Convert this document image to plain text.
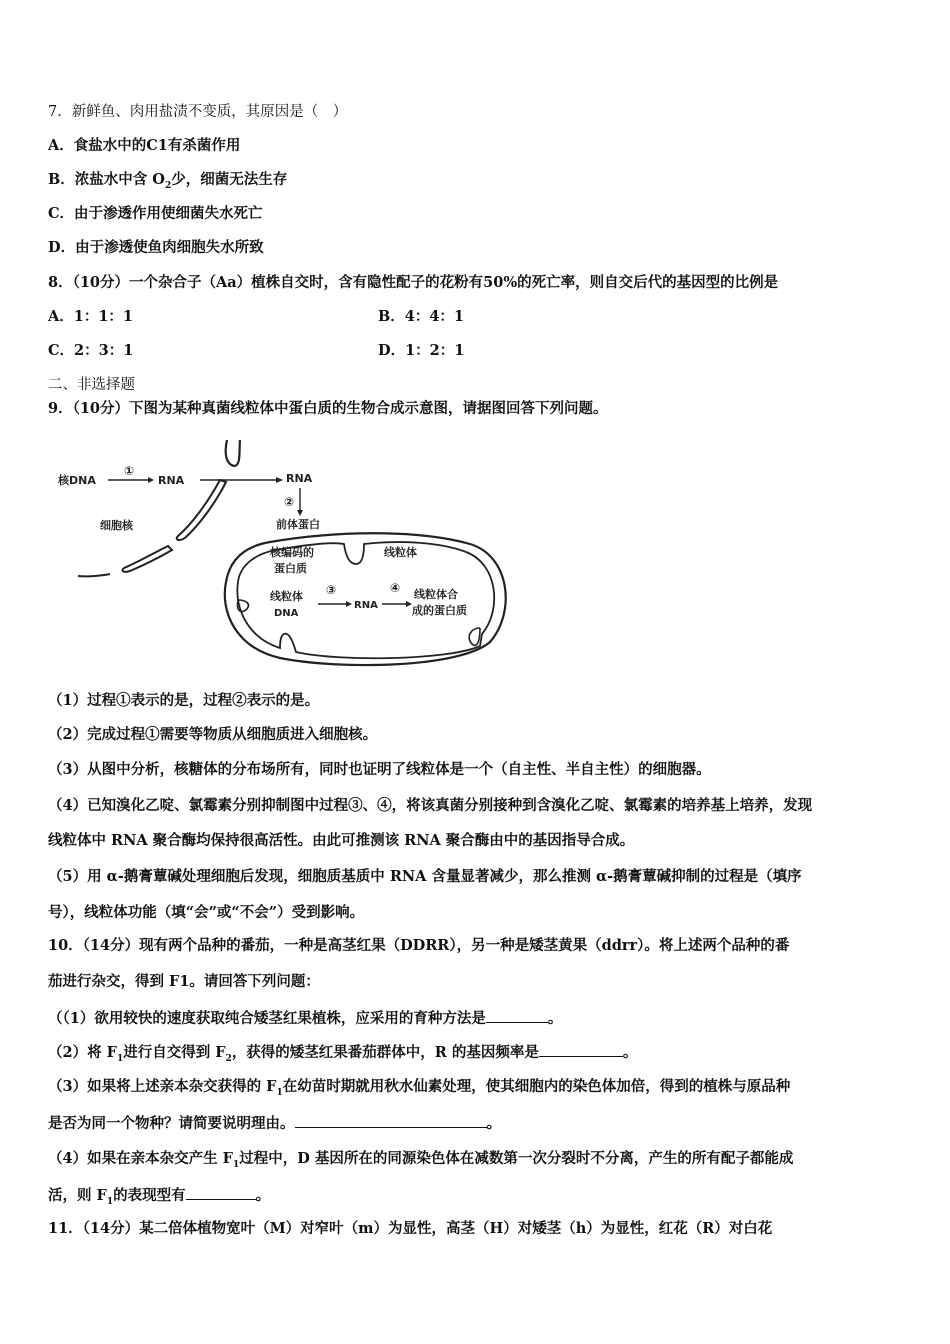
7．新鲜鱼、肉用盐渍不变质，其原因是（　）
A．食盐水中的C1有杀菌作用
B．浓盐水中含 $O_2$少，细菌无法生存
C．由于渗透作用使细菌失水死亡
D．由于渗透使鱼肉细胞失水所致
8．（10分）一个杂合子（Aa）植株自交时，含有隐性配子的花粉有50%的死亡率，则自交后代的基因型的比例是
A．1：1：1	B．4：4：1
C．2：3：1	D．1：2：1
二、非选择题
9．（10分）下图为某种真菌线粒体中蛋白质的生物合成示意图，请据图回答下列问题。
核DNA
①
RNA
细胞核
RNA
②
前体蛋白
核编码的
蛋白质
线粒体
线粒体
DNA
③
RNA
④ 线粒体合
成的蛋白质
（1）过程①表示的是，过程②表示的是。
（2）完成过程①需要等物质从细胞质进入细胞核。
（3）从图中分析，核糖体的分布场所有，同时也证明了线粒体是一个（自主性、半自主性）的细胞器。
（4）已知溴化乙啶、氯霉素分别抑制图中过程③、④，将该真菌分别接种到含溴化乙啶、氯霉素的培养基上培养，发现
线粒体中 RNA 聚合酶均保持很高活性。由此可推测该 RNA 聚合酶由中的基因指导合成。
（5）用 α-鹅膏蕈碱处理细胞后发现，细胞质基质中 RNA 含量显著减少，那么推测 α-鹅膏蕈碱抑制的过程是（填序
号），线粒体功能（填“会”或“不会”）受到影响。
10．（14分）现有两个品种的番茄，一种是高茎红果（DDRR），另一种是矮茎黄果（ddrr）。将上述两个品种的番
茄进行杂交，得到 F1。请回答下列问题：
（（1）欲用较快的速度获取纯合矮茎红果植株，应采用的育种方法是	。
（2）将 $F_1$进行自交得到 $F_2$，获得的矮茎红果番茄群体中，R 的基因频率是	。
（3）如果将上述亲本杂交获得的 $F_1$在幼苗时期就用秋水仙素处理，使其细胞内的染色体加倍，得到的植株与原品种
是否为同一个物种？请简要说明理由。	。
（4）如果在亲本杂交产生 $F_1$过程中，D 基因所在的同源染色体在减数第一次分裂时不分离，产生的所有配子都能成
活，则 $F_1$的表现型有	。
11．（14分）某二倍体植物宽叶（M）对窄叶（m）为显性，高茎（H）对矮茎（h）为显性，红花（R）对白花
